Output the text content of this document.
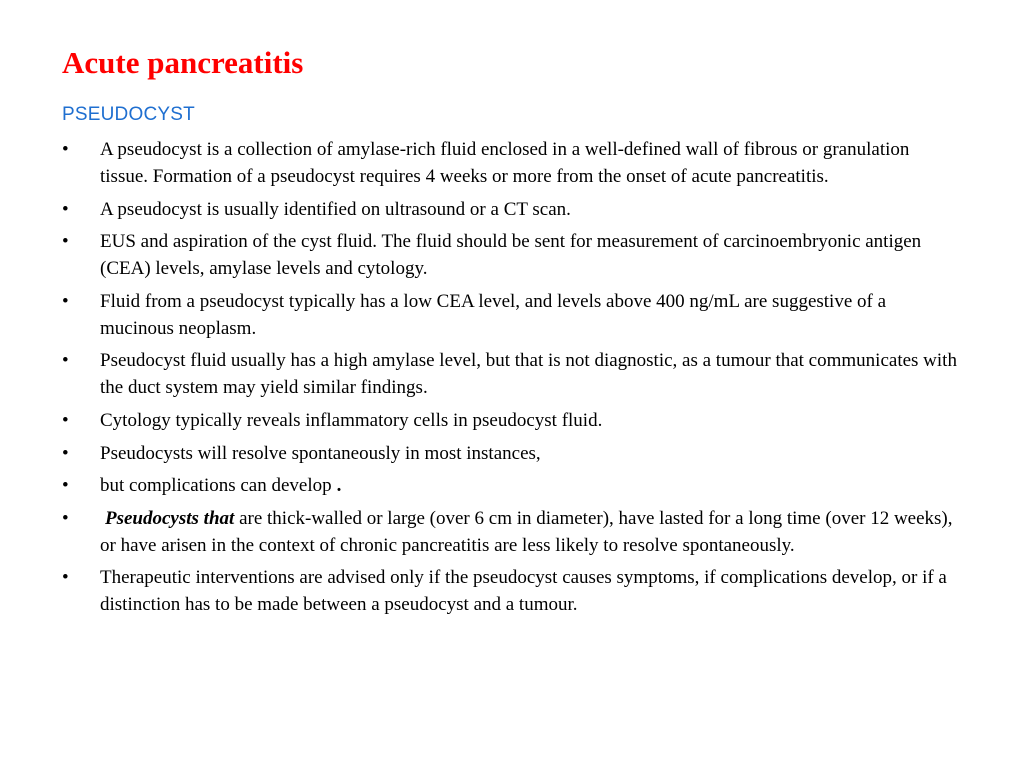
Acute pancreatitis
PSEUDOCYST
•	A pseudocyst is a collection of amylase-rich fluid enclosed in a well-defined wall of fibrous or granulation tissue. Formation of a pseudocyst requires 4 weeks or more from the onset of acute pancreatitis.
•	A pseudocyst is usually identified on ultrasound or a CT scan.
•	EUS and aspiration of the cyst fluid. The fluid should be sent for measurement of carcinoembryonic antigen (CEA) levels, amylase levels and cytology.
•	Fluid from a pseudocyst typically has a low CEA level, and levels above 400 ng/mL are suggestive of a mucinous neoplasm.
•	Pseudocyst fluid usually has a high amylase level, but that is not diagnostic, as a tumour that communicates with the duct system may yield similar findings.
•	Cytology typically reveals inflammatory cells in pseudocyst fluid.
•	Pseudocysts will resolve spontaneously in most instances,
•	but complications can develop .
•	Pseudocysts that are thick-walled or large (over 6 cm in diameter), have lasted for a long time (over 12 weeks), or have arisen in the context of chronic pancreatitis are less likely to resolve spontaneously.
•	Therapeutic interventions are advised only if the pseudocyst causes symptoms, if complications develop, or if a distinction has to be made between a pseudocyst and a tumour.
